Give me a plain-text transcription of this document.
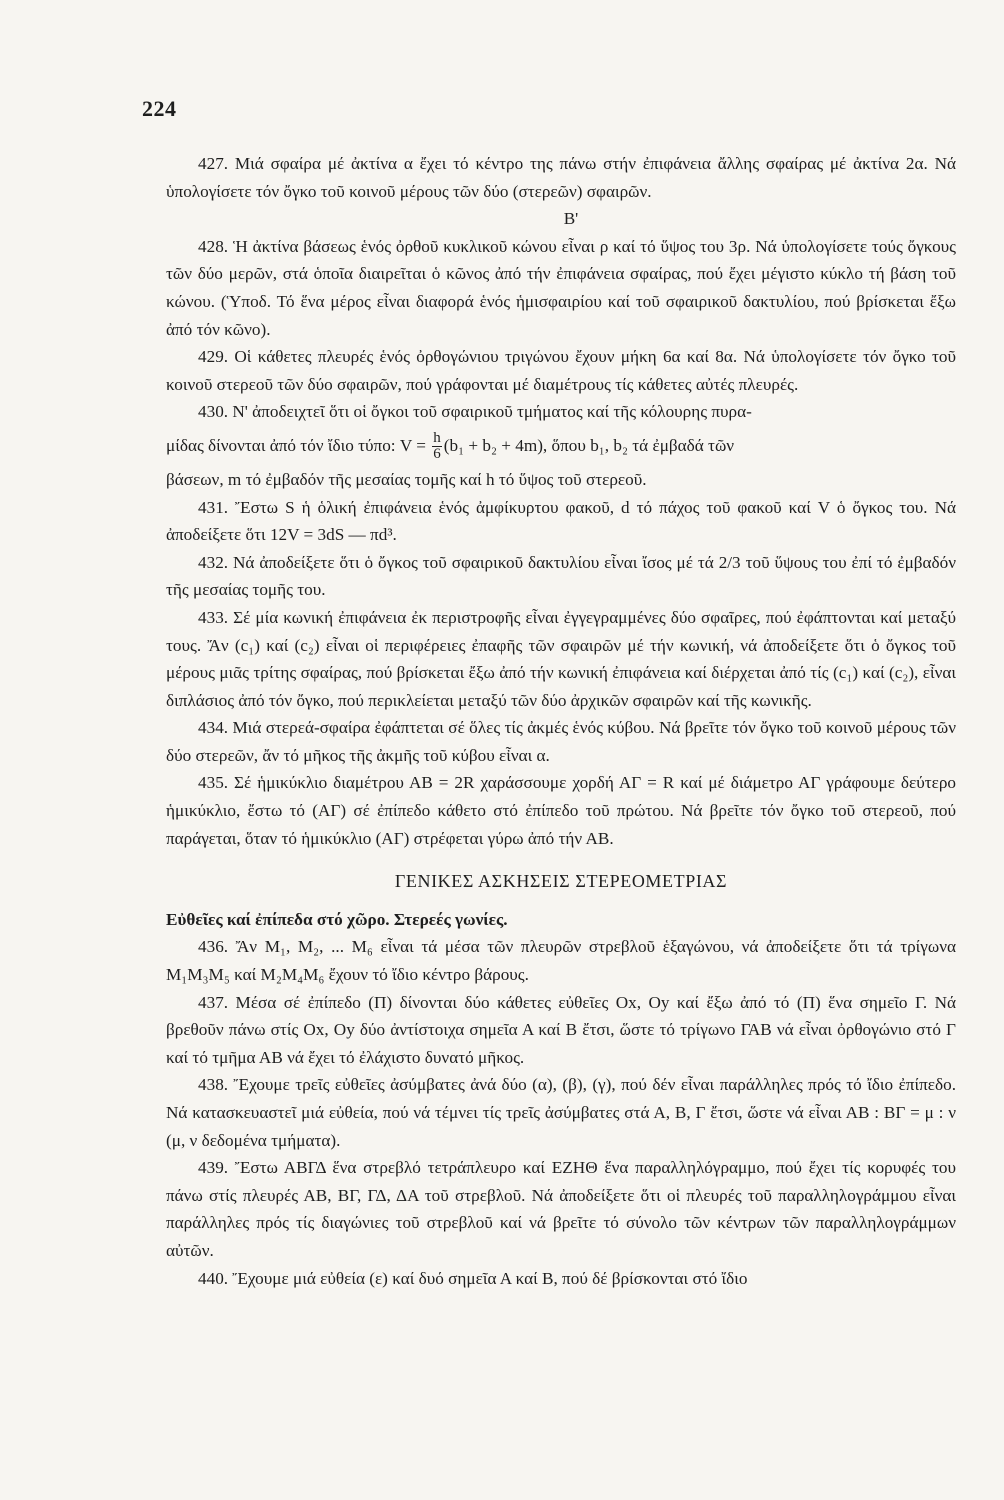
224

427. Μιά σφαίρα μέ ἀκτίνα α ἔχει τό κέντρο της πάνω στήν ἐπιφάνεια ἄλλης σφαίρας μέ ἀκτίνα 2α. Νά ὑπολογίσετε τόν ὄγκο τοῦ κοινοῦ μέρους τῶν δύο (στερεῶν) σφαιρῶν.

Β'

428. Ἡ ἀκτίνα βάσεως ἑνός ὀρθοῦ κυκλικοῦ κώνου εἶναι ρ καί τό ὕψος του 3ρ. Νά ὑπολογίσετε τούς ὄγκους τῶν δύο μερῶν, στά ὁποῖα διαιρεῖται ὁ κῶνος ἀπό τήν ἐπιφάνεια σφαίρας, πού ἔχει μέγιστο κύκλο τή βάση τοῦ κώνου. (Ὑποδ. Τό ἕνα μέρος εἶναι διαφορά ἑνός ἡμισφαιρίου καί τοῦ σφαιρικοῦ δακτυλίου, πού βρίσκεται ἔξω ἀπό τόν κῶνο).

429. Οἱ κάθετες πλευρές ἑνός ὀρθογώνιου τριγώνου ἔχουν μήκη 6α καί 8α. Νά ὑπολογίσετε τόν ὄγκο τοῦ κοινοῦ στερεοῦ τῶν δύο σφαιρῶν, πού γράφονται μέ διαμέτρους τίς κάθετες αὐτές πλευρές.

430. Ν' ἀποδειχτεῖ ὅτι οἱ ὄγκοι τοῦ σφαιρικοῦ τμήματος καί τῆς κόλουρης πυρα-

μίδας δίνονται ἀπό τόν ἴδιο τύπο: $V = \frac{h}{6} (b_1 + b_2 + 4m)$, ὅπου b₁, b₂ τά ἐμβαδά τῶν

βάσεων, m τό ἐμβαδόν τῆς μεσαίας τομῆς καί h τό ὕψος τοῦ στερεοῦ.

431. Ἔστω S ἡ ὁλική ἐπιφάνεια ἑνός ἀμφίκυρτου φακοῦ, d τό πάχος τοῦ φακοῦ καί V ὁ ὄγκος του. Νά ἀποδείξετε ὅτι 12V = 3dS — πd³.

432. Νά ἀποδείξετε ὅτι ὁ ὄγκος τοῦ σφαιρικοῦ δακτυλίου εἶναι ἴσος μέ τά 2/3 τοῦ ὕψους του ἐπί τό ἐμβαδόν τῆς μεσαίας τομῆς του.

433. Σέ μία κωνική ἐπιφάνεια ἐκ περιστροφῆς εἶναι ἐγγεγραμμένες δύο σφαῖρες, πού ἐφάπτονται καί μεταξύ τους. Ἄν (c₁) καί (c₂) εἶναι οἱ περιφέρειες ἐπαφῆς τῶν σφαιρῶν μέ τήν κωνική, νά ἀποδείξετε ὅτι ὁ ὄγκος τοῦ μέρους μιᾶς τρίτης σφαίρας, πού βρίσκεται ἔξω ἀπό τήν κωνική ἐπιφάνεια καί διέρχεται ἀπό τίς (c₁) καί (c₂), εἶναι διπλάσιος ἀπό τόν ὄγκο, πού περικλείεται μεταξύ τῶν δύο ἀρχικῶν σφαιρῶν καί τῆς κωνικῆς.

434. Μιά στερεά-σφαίρα ἐφάπτεται σέ ὅλες τίς ἀκμές ἑνός κύβου. Νά βρεῖτε τόν ὄγκο τοῦ κοινοῦ μέρους τῶν δύο στερεῶν, ἄν τό μῆκος τῆς ἀκμῆς τοῦ κύβου εἶναι α.

435. Σέ ἡμικύκλιο διαμέτρου ΑΒ = 2R χαράσσουμε χορδή ΑΓ = R καί μέ διάμετρο ΑΓ γράφουμε δεύτερο ἡμικύκλιο, ἔστω τό (ΑΓ) σέ ἐπίπεδο κάθετο στό ἐπίπεδο τοῦ πρώτου. Νά βρεῖτε τόν ὄγκο τοῦ στερεοῦ, πού παράγεται, ὅταν τό ἡμικύκλιο (ΑΓ) στρέφεται γύρω ἀπό τήν ΑΒ.

ΓΕΝΙΚΕΣ ΑΣΚΗΣΕΙΣ ΣΤΕΡΕΟΜΕΤΡΙΑΣ

Εὐθεῖες καί ἐπίπεδα στό χῶρο. Στερεές γωνίες.

436. Ἄν M₁, M₂, ... M₆ εἶναι τά μέσα τῶν πλευρῶν στρεβλοῦ ἑξαγώνου, νά ἀποδείξετε ὅτι τά τρίγωνα M₁M₃M₅ καί M₂M₄M₆ ἔχουν τό ἴδιο κέντρο βάρους.

437. Μέσα σέ ἐπίπεδο (Π) δίνονται δύο κάθετες εὐθεῖες Ox, Oy καί ἔξω ἀπό τό (Π) ἕνα σημεῖο Γ. Νά βρεθοῦν πάνω στίς Ox, Oy δύο ἀντίστοιχα σημεῖα Α καί Β ἔτσι, ὥστε τό τρίγωνο ΓΑΒ νά εἶναι ὀρθογώνιο στό Γ καί τό τμῆμα ΑΒ νά ἔχει τό ἐλάχιστο δυνατό μῆκος.

438. Ἔχουμε τρεῖς εὐθεῖες ἀσύμβατες ἀνά δύο (α), (β), (γ), πού δέν εἶναι παράλληλες πρός τό ἴδιο ἐπίπεδο. Νά κατασκευαστεῖ μιά εὐθεία, πού νά τέμνει τίς τρεῖς ἀσύμβατες στά Α, Β, Γ ἔτσι, ὥστε νά εἶναι ΑΒ : ΒΓ = μ : ν (μ, ν δεδομένα τμήματα).

439. Ἔστω ΑΒΓΔ ἕνα στρεβλό τετράπλευρο καί ΕΖΗΘ ἕνα παραλληλόγραμμο, πού ἔχει τίς κορυφές του πάνω στίς πλευρές ΑΒ, ΒΓ, ΓΔ, ΔΑ τοῦ στρεβλοῦ. Νά ἀποδείξετε ὅτι οἱ πλευρές τοῦ παραλληλογράμμου εἶναι παράλληλες πρός τίς διαγώνιες τοῦ στρεβλοῦ καί νά βρεῖτε τό σύνολο τῶν κέντρων τῶν παραλληλογράμμων αὐτῶν.

440. Ἔχουμε μιά εὐθεία (ε) καί δυό σημεῖα Α καί Β, πού δέ βρίσκονται στό ἴδιο
